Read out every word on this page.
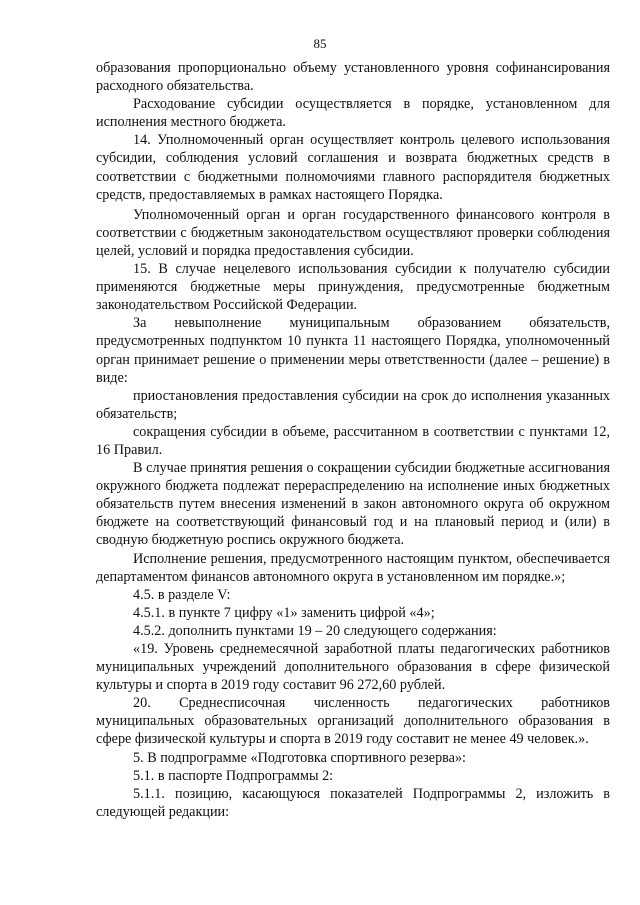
85

образования пропорционально объему установленного уровня софинансирования расходного обязательства.

Расходование субсидии осуществляется в порядке, установленном для исполнения местного бюджета.

14. Уполномоченный орган осуществляет контроль целевого использования субсидии, соблюдения условий соглашения и возврата бюджетных средств в соответствии с бюджетными полномочиями главного распорядителя бюджетных средств, предоставляемых в рамках настоящего Порядка.

Уполномоченный орган и орган государственного финансового контроля в соответствии с бюджетным законодательством осуществляют проверки соблюдения целей, условий и порядка предоставления субсидии.

15. В случае нецелевого использования субсидии к получателю субсидии применяются бюджетные меры принуждения, предусмотренные бюджетным законодательством Российской Федерации.

За невыполнение муниципальным образованием обязательств, предусмотренных подпунктом 10 пункта 11 настоящего Порядка, уполномоченный орган принимает решение о применении меры ответственности (далее – решение) в виде:

приостановления предоставления субсидии на срок до исполнения указанных обязательств;

сокращения субсидии в объеме, рассчитанном в соответствии с пунктами 12, 16 Правил.

В случае принятия решения о сокращении субсидии бюджетные ассигнования окружного бюджета подлежат перераспределению на исполнение иных бюджетных обязательств путем внесения изменений в закон автономного округа об окружном бюджете на соответствующий финансовый год и на плановый период и (или) в сводную бюджетную роспись окружного бюджета.

Исполнение решения, предусмотренного настоящим пунктом, обеспечивается департаментом финансов автономного округа в установленном им порядке.»;

4.5. в разделе V:

4.5.1. в пункте 7 цифру «1» заменить цифрой «4»;

4.5.2. дополнить пунктами 19 – 20 следующего содержания:

«19. Уровень среднемесячной заработной платы педагогических работников муниципальных учреждений дополнительного образования в сфере физической культуры и спорта в 2019 году составит 96 272,60 рублей.

20. Среднесписочная численность педагогических работников муниципальных образовательных организаций дополнительного образования в сфере физической культуры и спорта в 2019 году составит не менее 49 человек.».

5. В подпрограмме «Подготовка спортивного резерва»:

5.1. в паспорте Подпрограммы 2:

5.1.1. позицию, касающуюся показателей Подпрограммы 2, изложить в следующей редакции:
